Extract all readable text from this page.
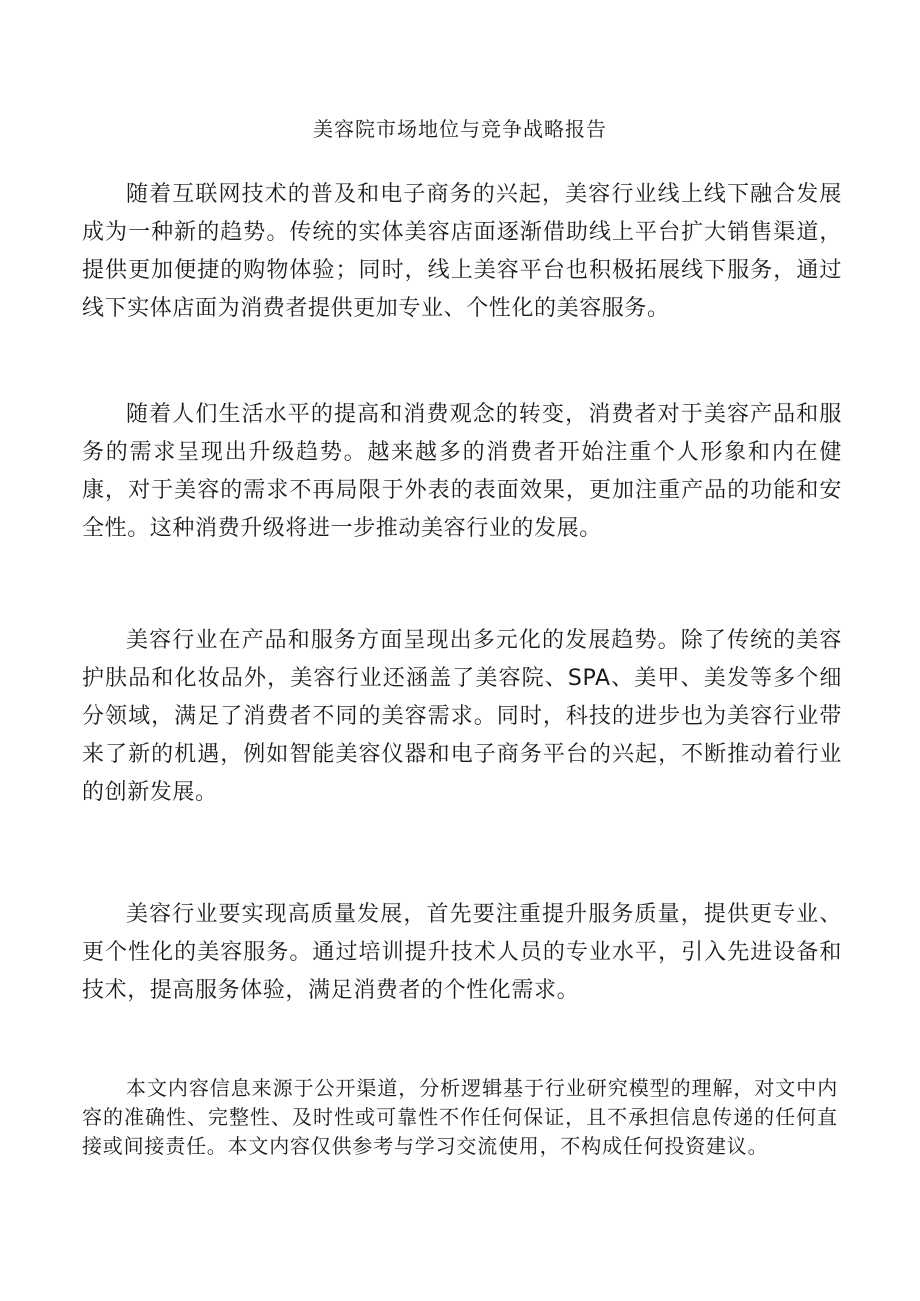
美容院市场地位与竞争战略报告

随着互联网技术的普及和电子商务的兴起，美容行业线上线下融合发展成为一种新的趋势。传统的实体美容店面逐渐借助线上平台扩大销售渠道，提供更加便捷的购物体验；同时，线上美容平台也积极拓展线下服务，通过线下实体店面为消费者提供更加专业、个性化的美容服务。

随着人们生活水平的提高和消费观念的转变，消费者对于美容产品和服务的需求呈现出升级趋势。越来越多的消费者开始注重个人形象和内在健康，对于美容的需求不再局限于外表的表面效果，更加注重产品的功能和安全性。这种消费升级将进一步推动美容行业的发展。

美容行业在产品和服务方面呈现出多元化的发展趋势。除了传统的美容护肤品和化妆品外，美容行业还涵盖了美容院、SPA、美甲、美发等多个细分领域，满足了消费者不同的美容需求。同时，科技的进步也为美容行业带来了新的机遇，例如智能美容仪器和电子商务平台的兴起，不断推动着行业的创新发展。

美容行业要实现高质量发展，首先要注重提升服务质量，提供更专业、更个性化的美容服务。通过培训提升技术人员的专业水平，引入先进设备和技术，提高服务体验，满足消费者的个性化需求。

本文内容信息来源于公开渠道，分析逻辑基于行业研究模型的理解，对文中内容的准确性、完整性、及时性或可靠性不作任何保证，且不承担信息传递的任何直接或间接责任。本文内容仅供参考与学习交流使用，不构成任何投资建议。
